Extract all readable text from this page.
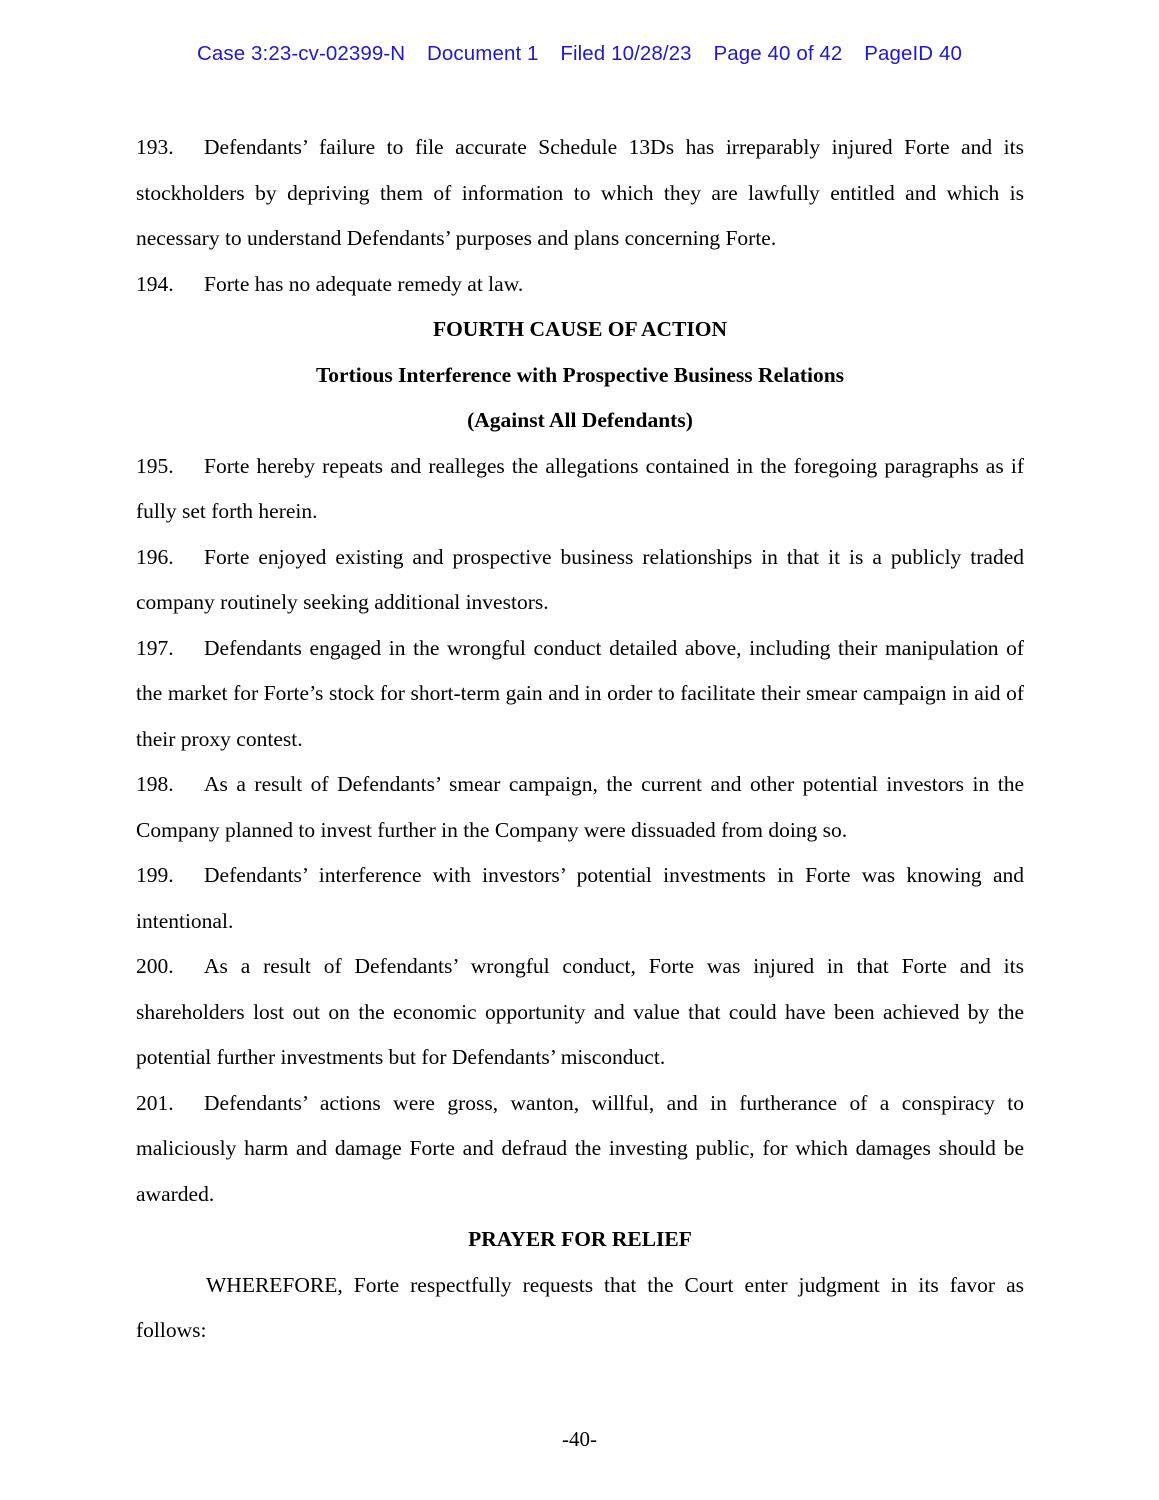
Case 3:23-cv-02399-N Document 1 Filed 10/28/23 Page 40 of 42 PageID 40

193. Defendants’ failure to file accurate Schedule 13Ds has irreparably injured Forte and its stockholders by depriving them of information to which they are lawfully entitled and which is necessary to understand Defendants’ purposes and plans concerning Forte.

194. Forte has no adequate remedy at law.

FOURTH CAUSE OF ACTION

Tortious Interference with Prospective Business Relations

(Against All Defendants)

195. Forte hereby repeats and realleges the allegations contained in the foregoing paragraphs as if fully set forth herein.

196. Forte enjoyed existing and prospective business relationships in that it is a publicly traded company routinely seeking additional investors.

197. Defendants engaged in the wrongful conduct detailed above, including their manipulation of the market for Forte’s stock for short-term gain and in order to facilitate their smear campaign in aid of their proxy contest.

198. As a result of Defendants’ smear campaign, the current and other potential investors in the Company planned to invest further in the Company were dissuaded from doing so.

199. Defendants’ interference with investors’ potential investments in Forte was knowing and intentional.

200. As a result of Defendants’ wrongful conduct, Forte was injured in that Forte and its shareholders lost out on the economic opportunity and value that could have been achieved by the potential further investments but for Defendants’ misconduct.

201. Defendants’ actions were gross, wanton, willful, and in furtherance of a conspiracy to maliciously harm and damage Forte and defraud the investing public, for which damages should be awarded.

PRAYER FOR RELIEF

WHEREFORE, Forte respectfully requests that the Court enter judgment in its favor as follows:

-40-
